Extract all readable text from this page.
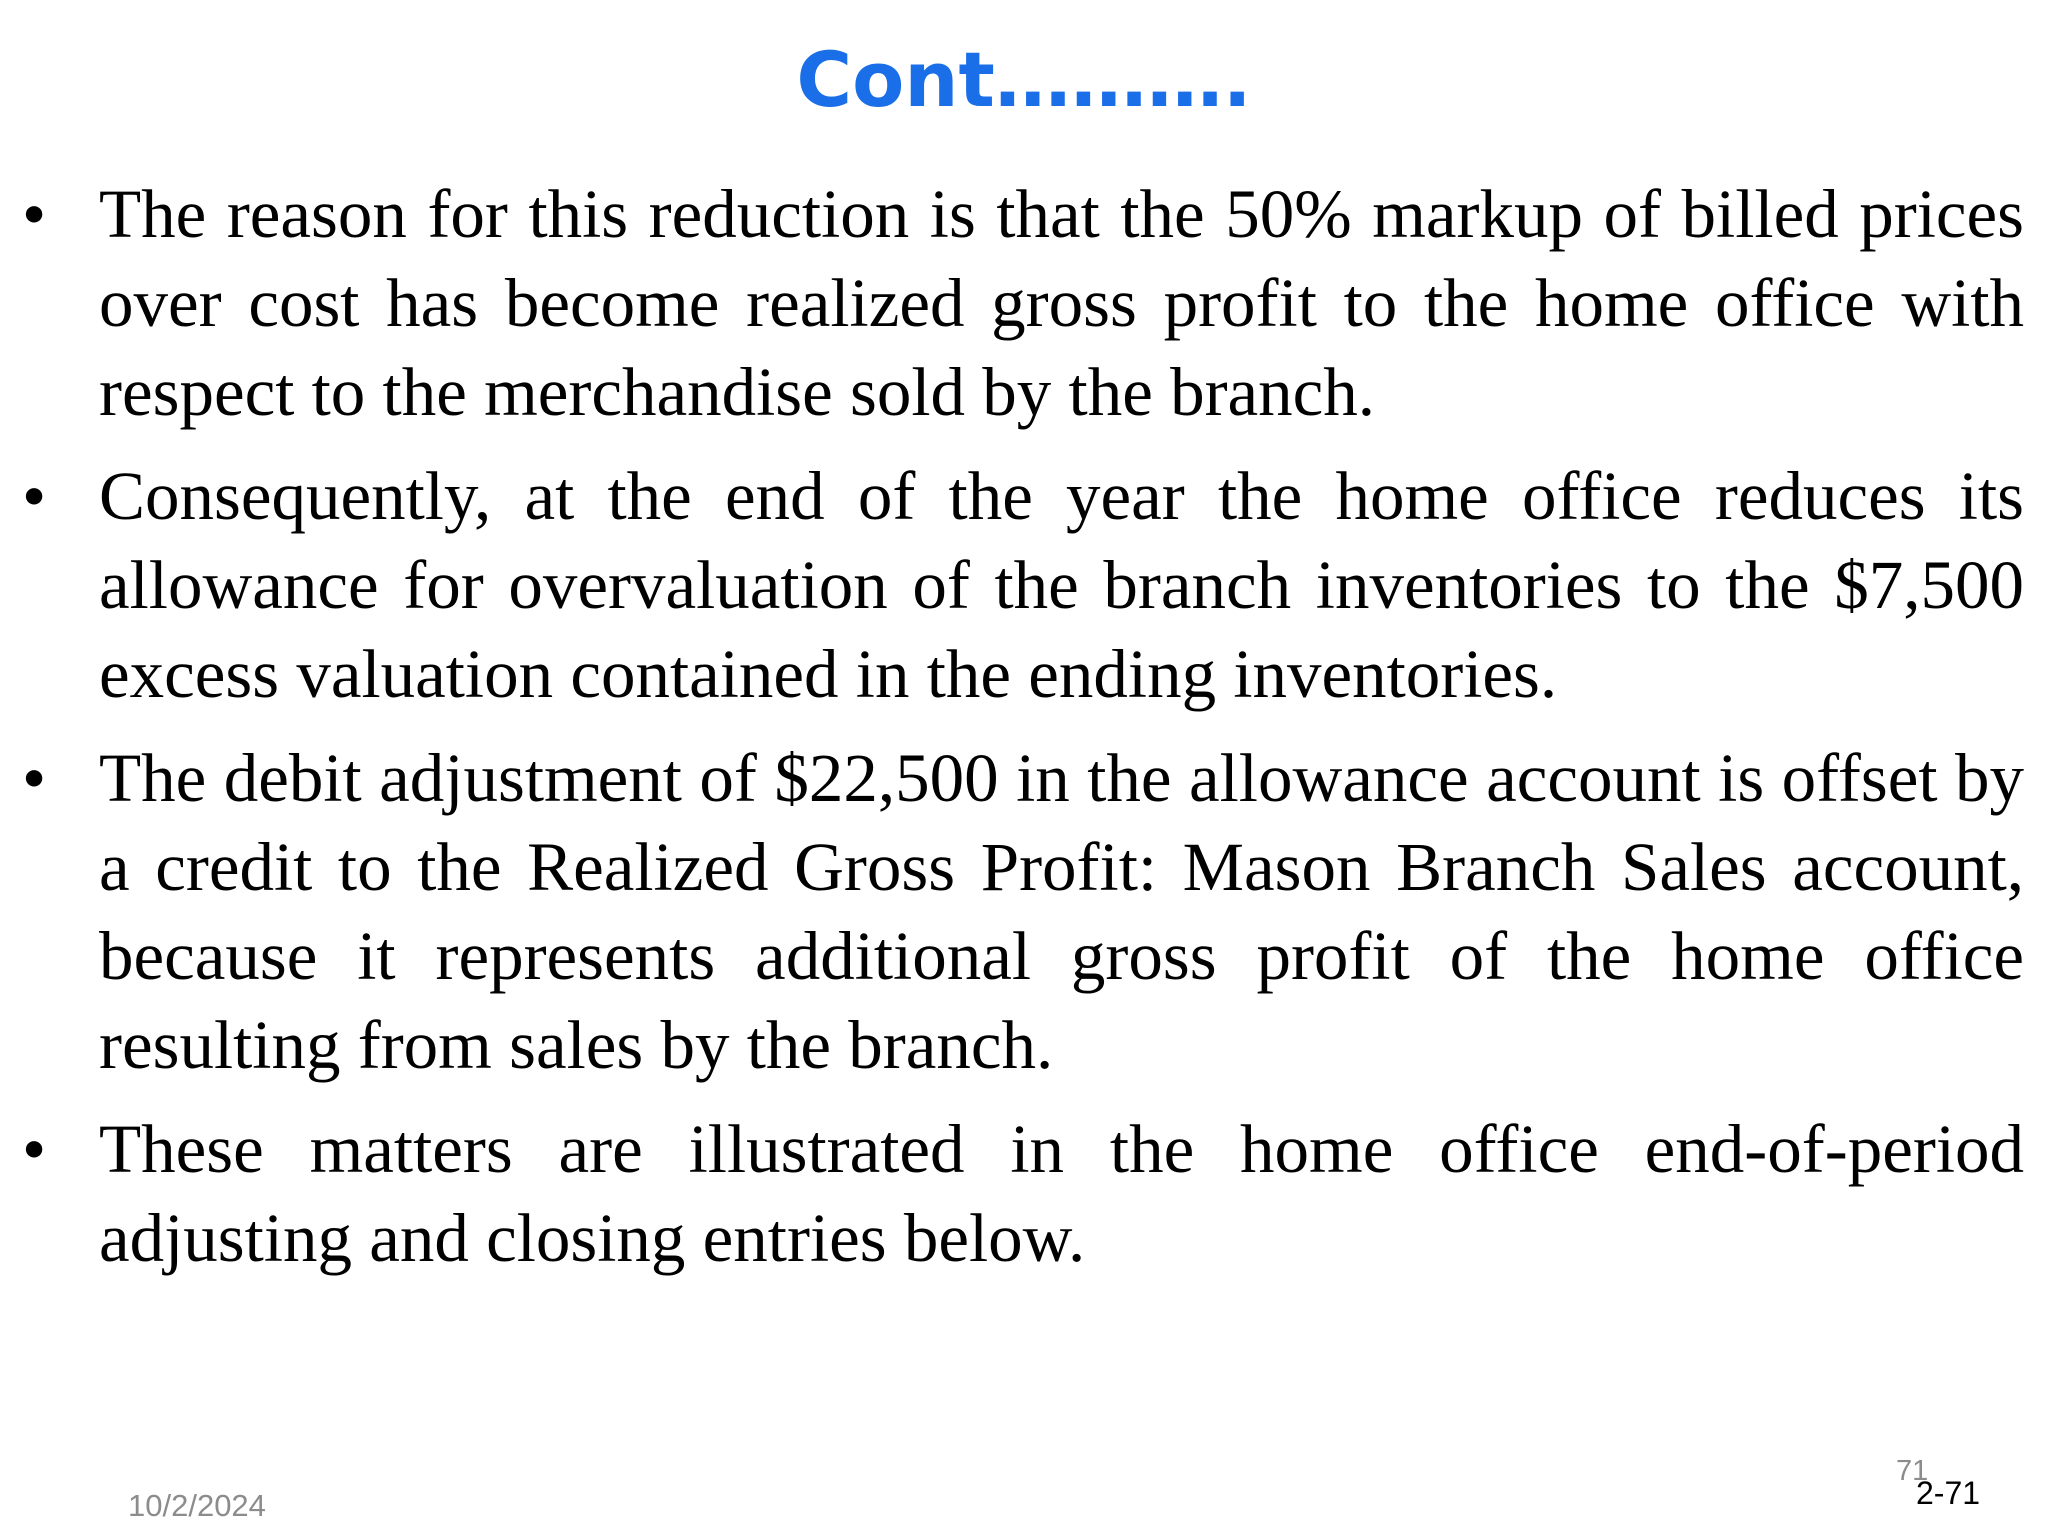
Cont……….
• The reason for this reduction is that the 50% markup of billed prices over cost has become realized gross profit to the home office with respect to the merchandise sold by the branch.
• Consequently, at the end of the year the home office reduces its allowance for overvaluation of the branch inventories to the $7,500 excess valuation contained in the ending inventories.
• The debit adjustment of $22,500 in the allowance account is offset by a credit to the Realized Gross Profit: Mason Branch Sales account, because it represents additional gross profit of the home office resulting from sales by the branch.
• These matters are illustrated in the home office end-of-period adjusting and closing entries below.
10/2/2024
71
2-71
